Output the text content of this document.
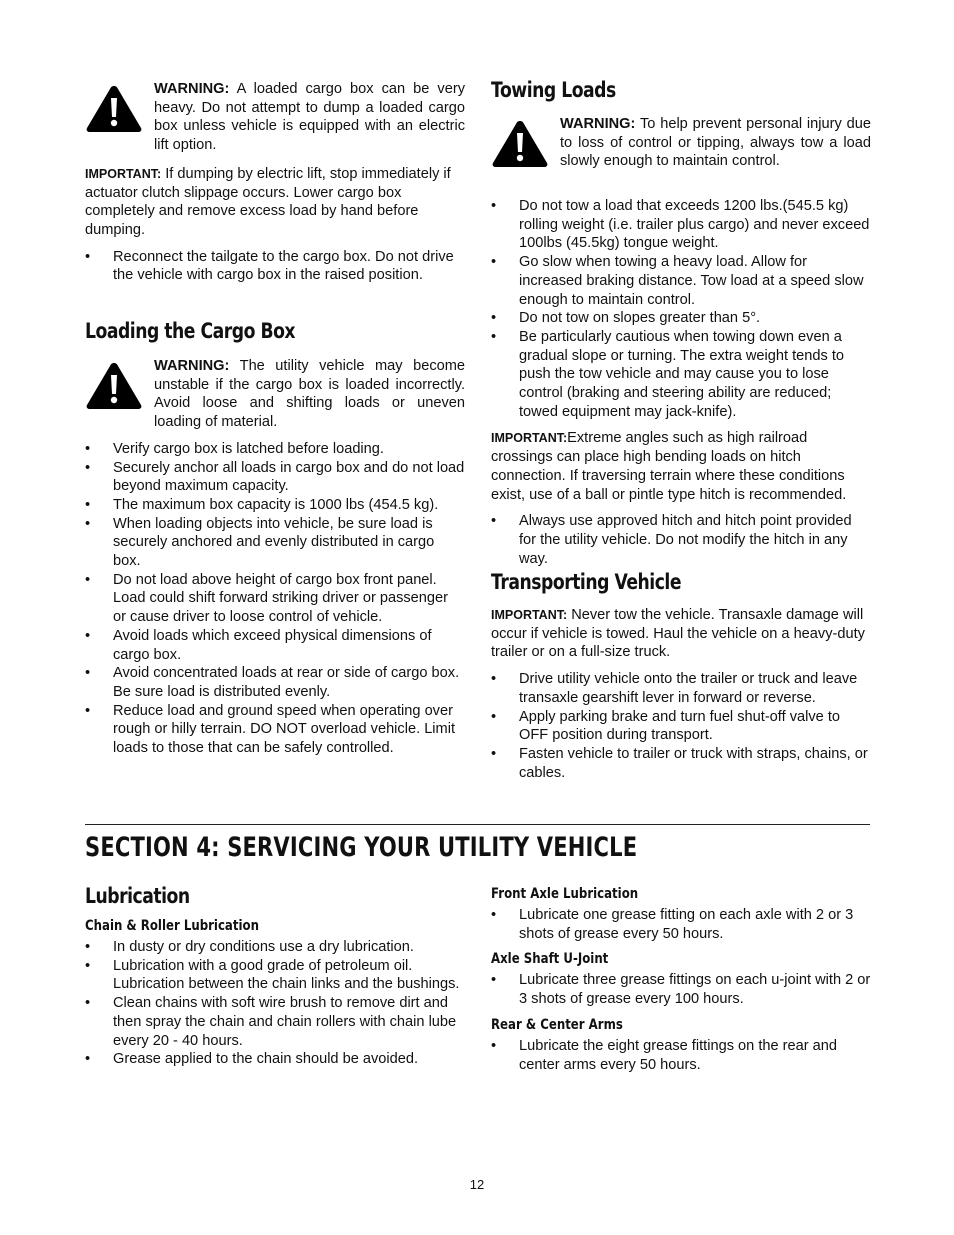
WARNING: A loaded cargo box can be very heavy. Do not attempt to dump a loaded cargo box unless vehicle is equipped with an electric lift option.

IMPORTANT: If dumping by electric lift, stop immediately if actuator clutch slippage occurs. Lower cargo box completely and remove excess load by hand before dumping.

• Reconnect the tailgate to the cargo box. Do not drive the vehicle with cargo box in the raised position.
Loading the Cargo Box
WARNING: The utility vehicle may become unstable if the cargo box is loaded incorrectly. Avoid loose and shifting loads or uneven loading of material.
• Verify cargo box is latched before loading.
• Securely anchor all loads in cargo box and do not load beyond maximum capacity.
• The maximum box capacity is 1000 lbs (454.5 kg).
• When loading objects into vehicle, be sure load is securely anchored and evenly distributed in cargo box.
• Do not load above height of cargo box front panel. Load could shift forward striking driver or passenger or cause driver to loose control of vehicle.
• Avoid loads which exceed physical dimensions of cargo box.
• Avoid concentrated loads at rear or side of cargo box. Be sure load is distributed evenly.
• Reduce load and ground speed when operating over rough or hilly terrain. DO NOT overload vehicle. Limit loads to those that can be safely controlled.
Towing Loads
WARNING: To help prevent personal injury due to loss of control or tipping, always tow a load slowly enough to maintain control.
• Do not tow a load that exceeds 1200 lbs.(545.5 kg) rolling weight (i.e. trailer plus cargo) and never exceed 100lbs (45.5kg) tongue weight.
• Go slow when towing a heavy load. Allow for increased braking distance. Tow load at a speed slow enough to maintain control.
• Do not tow on slopes greater than 5°.
• Be particularly cautious when towing down even a gradual slope or turning. The extra weight tends to push the tow vehicle and may cause you to lose control (braking and steering ability are reduced; towed equipment may jack-knife).

IMPORTANT:Extreme angles such as high railroad crossings can place high bending loads on hitch connection. If traversing terrain where these conditions exist, use of a ball or pintle type hitch is recommended.

• Always use approved hitch and hitch point provided for the utility vehicle. Do not modify the hitch in any way.
Transporting Vehicle

IMPORTANT: Never tow the vehicle. Transaxle damage will occur if vehicle is towed. Haul the vehicle on a heavy-duty trailer or on a full-size truck.

• Drive utility vehicle onto the trailer or truck and leave transaxle gearshift lever in forward or reverse.
• Apply parking brake and turn fuel shut-off valve to OFF position during transport.
• Fasten vehicle to trailer or truck with straps, chains, or cables.
SECTION 4: SERVICING YOUR UTILITY VEHICLE
Lubrication
Chain & Roller Lubrication
• In dusty or dry conditions use a dry lubrication.
• Lubrication with a good grade of petroleum oil. Lubrication between the chain links and the bushings.
• Clean chains with soft wire brush to remove dirt and then spray the chain and chain rollers with chain lube every 20 - 40 hours.
• Grease applied to the chain should be avoided.
Front Axle Lubrication
• Lubricate one grease fitting on each axle with 2 or 3 shots of grease every 50 hours.
Axle Shaft U-Joint
• Lubricate three grease fittings on each u-joint with 2 or 3 shots of grease every 100 hours.
Rear & Center Arms
• Lubricate the eight grease fittings on the rear and center arms every 50 hours.
12
